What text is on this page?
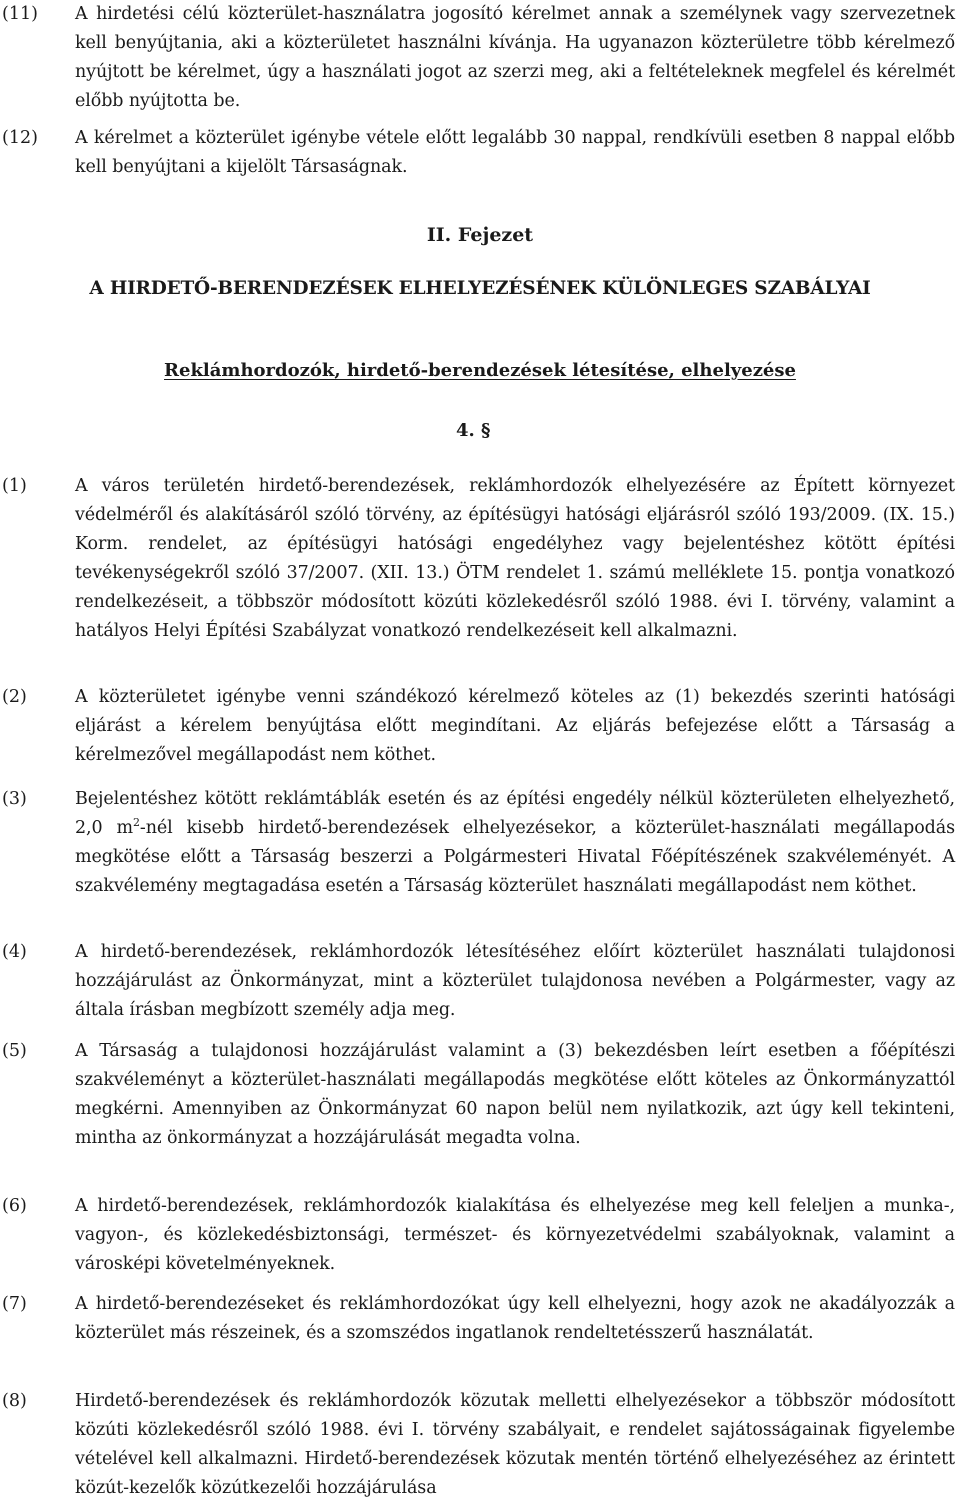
(11) A hirdetési célú közterület-használatra jogosító kérelmet annak a személynek vagy szervezetnek kell benyújtania, aki a közterületet használni kívánja. Ha ugyanazon közterületre több kérelmező nyújtott be kérelmet, úgy a használati jogot az szerzi meg, aki a feltételeknek megfelel és kérelmét előbb nyújtotta be.
(12) A kérelmet a közterület igénybe vétele előtt legalább 30 nappal, rendkívüli esetben 8 nappal előbb kell benyújtani a kijelölt Társaságnak.
II. Fejezet
A HIRDETŐ-BERENDEZÉSEK ELHELYEZÉSÉNEK KÜLÖNLEGES SZABÁLYAI
Reklámhordozók, hirdető-berendezések létesítése, elhelyezése
4. §
(1)	A város területén hirdető-berendezések, reklámhordozók elhelyezésére az Épített környezet védelméről és alakításáról szóló törvény, az építésügyi hatósági eljárásról szóló 193/2009. (IX. 15.) Korm. rendelet, az építésügyi hatósági engedélyhez vagy bejelentéshez kötött építési tevékenységekről szóló 37/2007. (XII. 13.) ÖTM rendelet 1. számú melléklete 15. pontja vonatkozó rendelkezéseit, a többször módosított közúti közlekedésről szóló 1988. évi I. törvény, valamint a hatályos Helyi Építési Szabályzat vonatkozó rendelkezéseit kell alkalmazni.
(2)	A közterületet igénybe venni szándékozó kérelmező köteles az (1) bekezdés szerinti hatósági eljárást a kérelem benyújtása előtt megindítani. Az eljárás befejezése előtt a Társaság a kérelmezővel megállapodást nem köthet.
(3)	Bejelentéshez kötött reklámtáblák esetén és az építési engedély nélkül közterületen elhelyezhető, 2,0 $m^2$-nél kisebb hirdető-berendezések elhelyezésekor, a közterület-használati megállapodás megkötése előtt a Társaság beszerzi a Polgármesteri Hivatal Főépítészének szakvéleményét. A szakvélemény megtagadása esetén a Társaság közterület használati megállapodást nem köthet.
(4)	A hirdető-berendezések, reklámhordozók létesítéséhez előírt közterület használati tulajdonosi hozzájárulást az Önkormányzat, mint a közterület tulajdonosa nevében a Polgármester, vagy az általa írásban megbízott személy adja meg.
(5)	A Társaság a tulajdonosi hozzájárulást valamint a (3) bekezdésben leírt esetben a főépítészi szakvéleményt a közterület-használati megállapodás megkötése előtt köteles az Önkormányzattól megkérni. Amennyiben az Önkormányzat 60 napon belül nem nyilatkozik, azt úgy kell tekinteni, mintha az önkormányzat a hozzájárulását megadta volna.
(6)	A hirdető-berendezések, reklámhordozók kialakítása és elhelyezése meg kell feleljen a munka-, vagyon-, és közlekedésbiztonsági, természet- és környezetvédelmi szabályoknak, valamint a városképi követelményeknek.
(7)	A hirdető-berendezéseket és reklámhordozókat úgy kell elhelyezni, hogy azok ne akadályozzák a közterület más részeinek, és a szomszédos ingatlanok rendeltetésszerű használatát.
(8)	Hirdető-berendezések és reklámhordozók közutak melletti elhelyezésekor a többször módosított közúti közlekedésről szóló 1988. évi I. törvény szabályait, e rendelet sajátosságainak figyelembe vételével kell alkalmazni. Hirdető-berendezések közutak mentén történő elhelyezéséhez az érintett közút-kezelők közútkezelői hozzájárulása
